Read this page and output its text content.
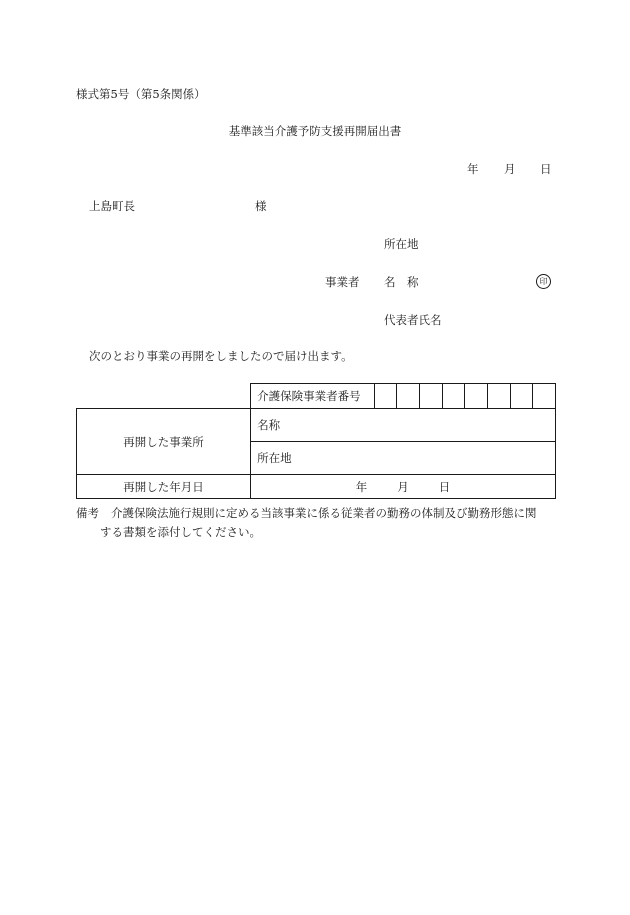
様式第5号（第5条関係）
基準該当介護予防支援再開届出書
年 月 日
上島町長	様
所在地
事業者 名　称	印
代表者氏名
次のとおり事業の再開をしましたので届け出ます。
	介護保険事業者番号								
再開した事業所	名称								
	所在地								
再開した年月日	年 月 日								
備考 介護保険法施行規則に定める当該事業に係る従業者の勤務の体制及び勤務形態に関
する書類を添付してください。
